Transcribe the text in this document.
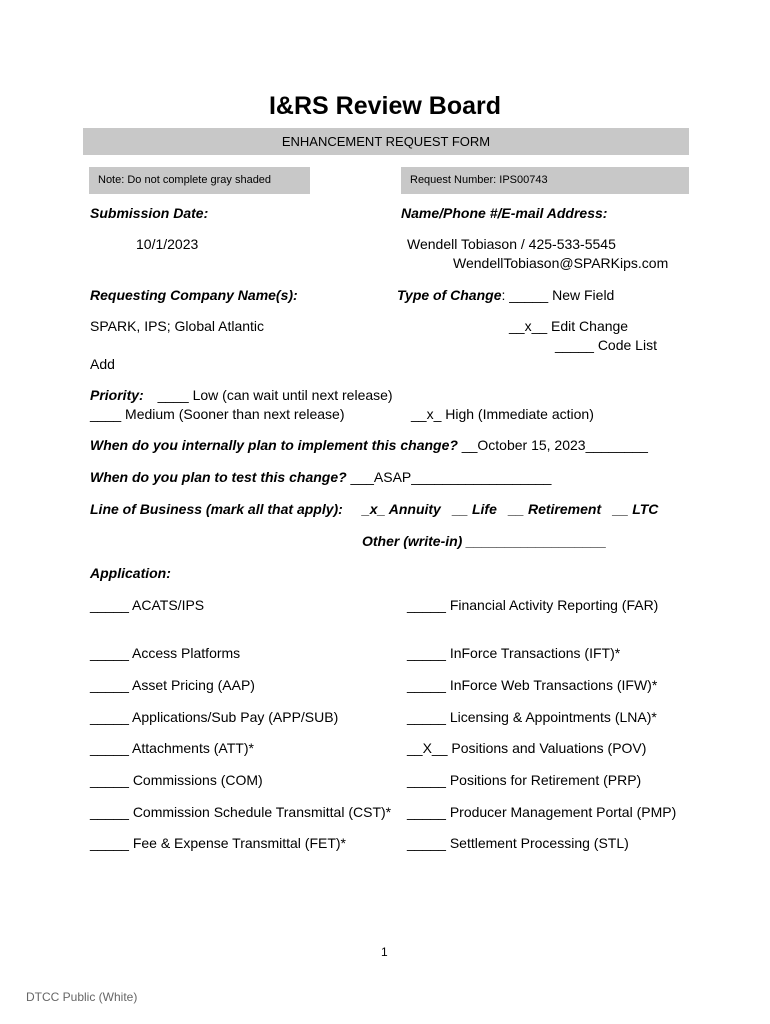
I&RS Review Board
ENHANCEMENT REQUEST FORM
Note: Do not complete gray shaded	Request Number: IPS00743
Submission Date:
10/1/2023
Name/Phone #/E-mail Address:
Wendell Tobiason / 425-533-5545
WendellTobiason@SPARKips.com
Requesting Company Name(s):
SPARK, IPS; Global Atlantic
Type of Change: _____ New Field
__x__ Edit Change
_____ Code List
Add
Priority: ____ Low (can wait until next release)
____ Medium (Sooner than next release)	__x_ High (Immediate action)
When do you internally plan to implement this change? __October 15, 2023________
When do you plan to test this change? ___ASAP__________________
Line of Business (mark all that apply): _x_ Annuity   __ Life   __ Retirement   __ LTC
Other (write-in) __________________
Application:
_____ ACATS/IPS
_____ Access Platforms
_____ Asset Pricing (AAP)
_____ Applications/Sub Pay (APP/SUB)
_____ Attachments (ATT)*
_____ Commissions (COM)
_____ Commission Schedule Transmittal (CST)*
_____ Fee & Expense Transmittal (FET)*
_____ Financial Activity Reporting (FAR)
_____ InForce Transactions (IFT)*
_____ InForce Web Transactions (IFW)*
_____ Licensing & Appointments (LNA)*
__X__ Positions and Valuations (POV)
_____ Positions for Retirement (PRP)
_____ Producer Management Portal (PMP)
_____ Settlement Processing (STL)
1
DTCC Public (White)
